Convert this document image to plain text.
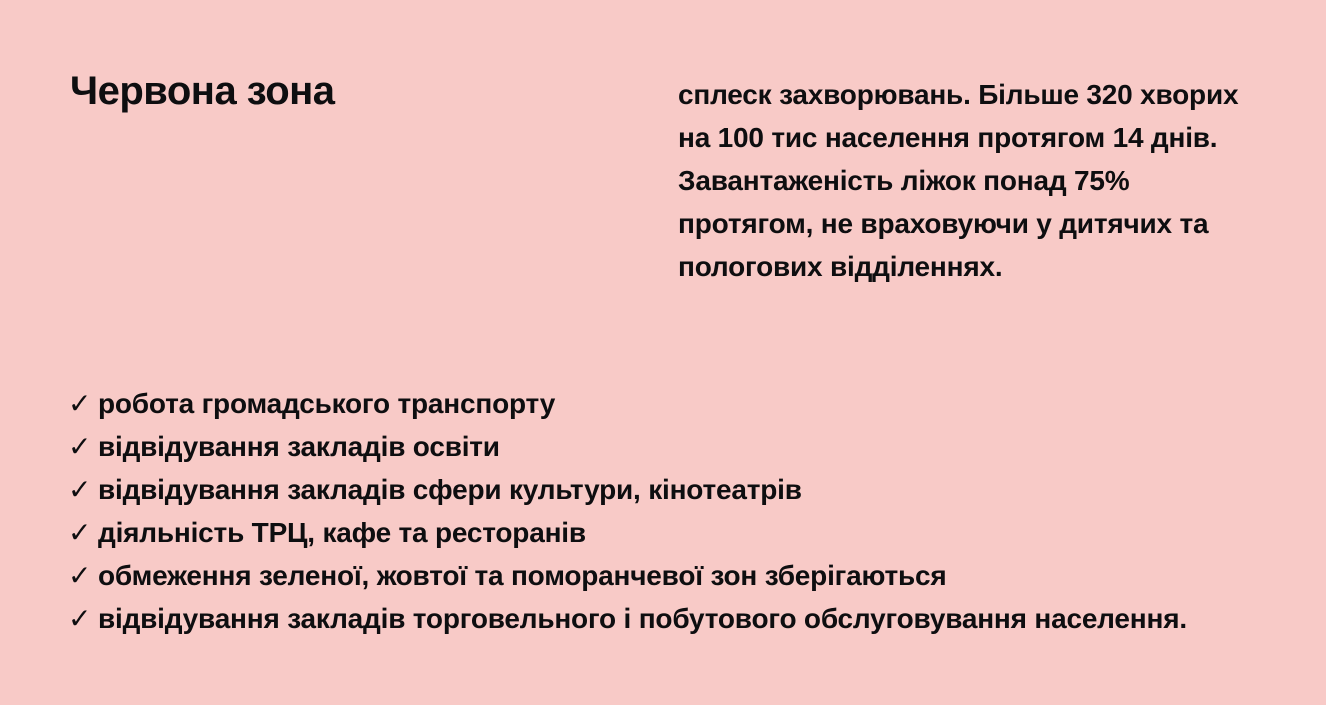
Червона зона	сплеск захворювань. Більше 320 хворих
на 100 тис населення протягом 14 днів.
Завантаженість ліжок понад 75%
протягом, не враховуючи у дитячих та
пологових відділеннях.
✓ робота громадського транспорту
✓ відвідування закладів освіти
✓ відвідування закладів сфери культури, кінотеатрів
✓ діяльність ТРЦ, кафе та ресторанів
✓ обмеження зеленої, жовтої та поморанчевої зон зберігаються
✓ відвідування закладів торговельного і побутового обслуговування населення.
